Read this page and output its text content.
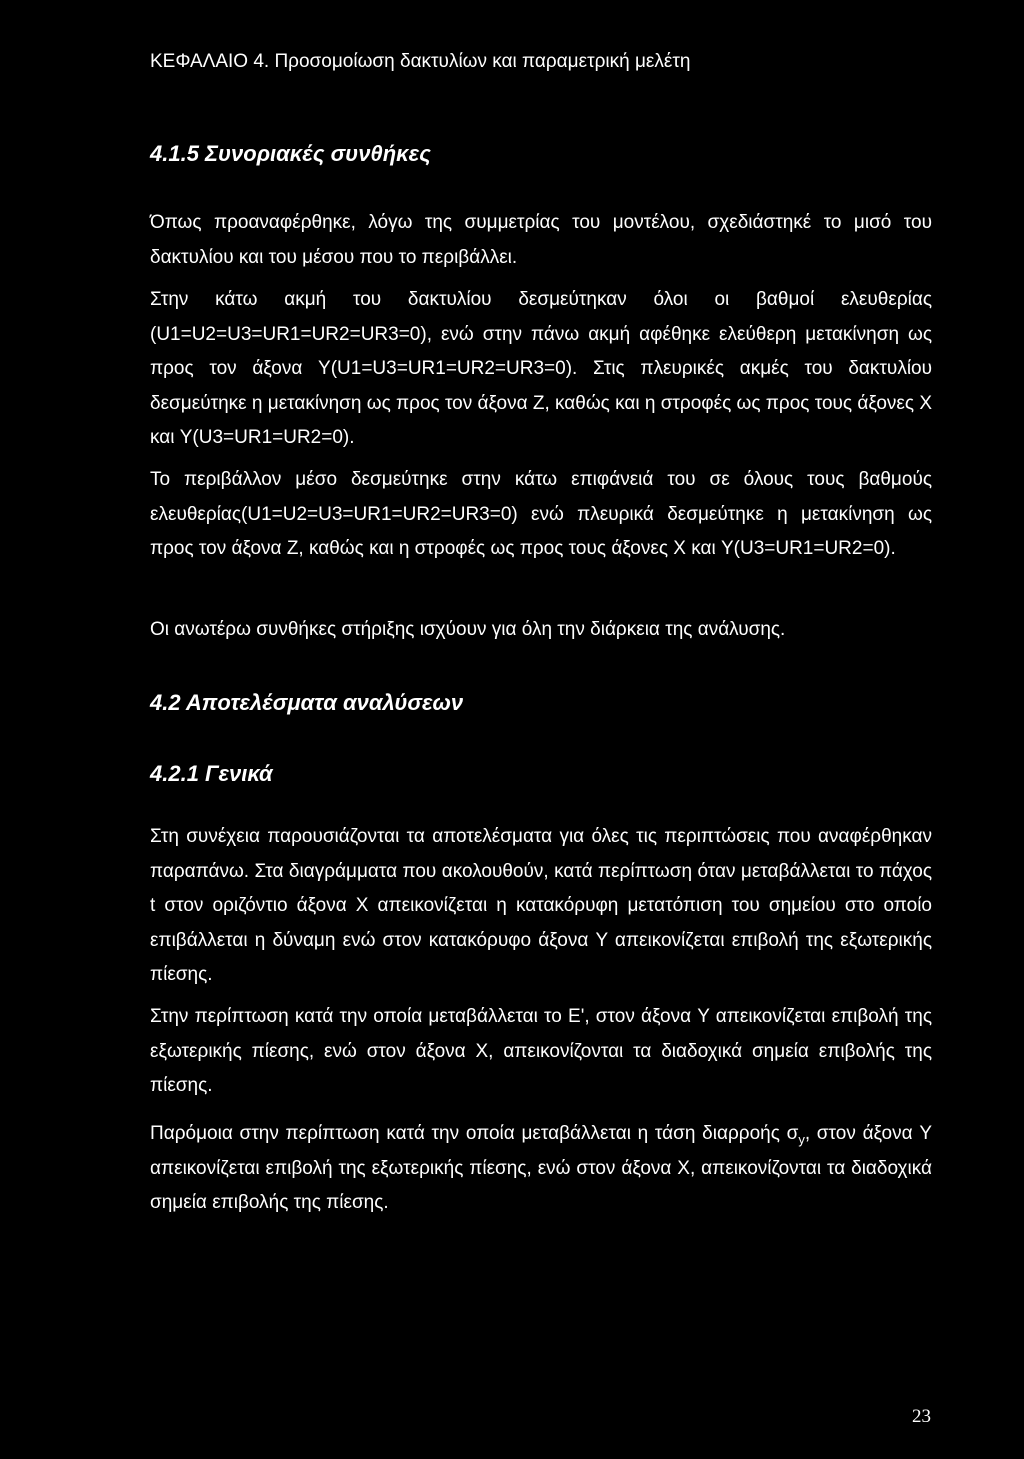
ΚΕΦΑΛΑΙΟ 4. Προσομοίωση δακτυλίων και παραμετρική μελέτη
4.1.5 Συνοριακές συνθήκες

Όπως προαναφέρθηκε, λόγω της συμμετρίας του μοντέλου, σχεδιάστηκέ το μισό του δακτυλίου και του μέσου που το περιβάλλει.

Στην κάτω ακμή του δακτυλίου δεσμεύτηκαν όλοι οι βαθμοί ελευθερίας (U1=U2=U3=UR1=UR2=UR3=0), ενώ στην πάνω ακμή αφέθηκε ελεύθερη μετακίνηση ως προς τον άξονα Y(U1=U3=UR1=UR2=UR3=0). Στις πλευρικές ακμές του δακτυλίου δεσμεύτηκε η μετακίνηση ως προς τον άξονα Z, καθώς και η στροφές ως προς τους άξονες X και Y(U3=UR1=UR2=0).

Το περιβάλλον μέσο δεσμεύτηκε στην κάτω επιφάνειά του σε όλους τους βαθμούς ελευθερίας(U1=U2=U3=UR1=UR2=UR3=0) ενώ πλευρικά δεσμεύτηκε η μετακίνηση ως προς τον άξονα Z, καθώς και η στροφές ως προς τους άξονες X και Y(U3=UR1=UR2=0).

Οι ανωτέρω συνθήκες στήριξης ισχύουν για όλη την διάρκεια της ανάλυσης.

4.2 Αποτελέσματα αναλύσεων
4.2.1 Γενικά

Στη συνέχεια παρουσιάζονται τα αποτελέσματα για όλες τις περιπτώσεις που αναφέρθηκαν παραπάνω. Στα διαγράμματα που ακολουθούν, κατά περίπτωση όταν μεταβάλλεται το πάχος t στον οριζόντιο άξονα X απεικονίζεται η κατακόρυφη μετατόπιση του σημείου στο οποίο επιβάλλεται η δύναμη ενώ στον κατακόρυφο άξονα Y απεικονίζεται επιβολή της εξωτερικής πίεσης.

Στην περίπτωση κατά την οποία μεταβάλλεται το E', στον άξονα Y απεικονίζεται επιβολή της εξωτερικής πίεσης, ενώ στον άξονα X, απεικονίζονται τα διαδοχικά σημεία επιβολής της πίεσης.

Παρόμοια στην περίπτωση κατά την οποία μεταβάλλεται η τάση διαρροής $\sigma_y$, στον άξονα Y απεικονίζεται επιβολή της εξωτερικής πίεσης, ενώ στον άξονα X, απεικονίζονται τα διαδοχικά σημεία επιβολής της πίεσης.

23
